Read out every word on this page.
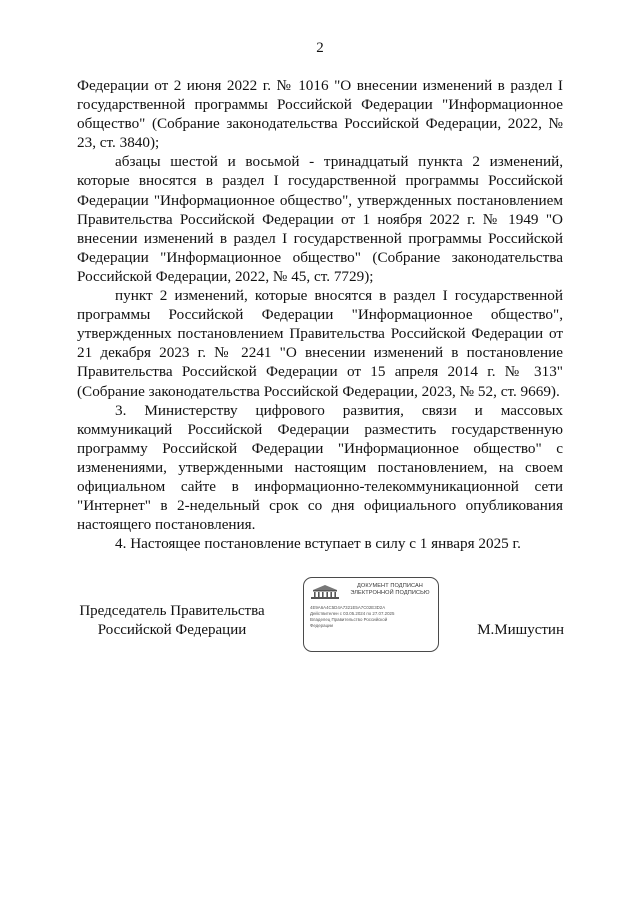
2

Федерации от 2 июня 2022 г. № 1016 "О внесении изменений в раздел I государственной программы Российской Федерации "Информационное общество" (Собрание законодательства Российской Федерации, 2022, № 23, ст. 3840);

абзацы шестой и восьмой - тринадцатый пункта 2 изменений, которые вносятся в раздел I государственной программы Российской Федерации "Информационное общество", утвержденных постановлением Правительства Российской Федерации от 1 ноября 2022 г. № 1949 "О внесении изменений в раздел I государственной программы Российской Федерации "Информационное общество" (Собрание законодательства Российской Федерации, 2022, № 45, ст. 7729);

пункт 2 изменений, которые вносятся в раздел I государственной программы Российской Федерации "Информационное общество", утвержденных постановлением Правительства Российской Федерации от 21 декабря 2023 г. № 2241 "О внесении изменений в постановление Правительства Российской Федерации от 15 апреля 2014 г. № 313" (Собрание законодательства Российской Федерации, 2023, № 52, ст. 9669).

3. Министерству цифрового развития, связи и массовых коммуникаций Российской Федерации разместить государственную программу Российской Федерации "Информационное общество" с изменениями, утвержденными настоящим постановлением, на своем официальном сайте в информационно-телекоммуникационной сети "Интернет" в 2-недельный срок со дня официального опубликования настоящего постановления.

4. Настоящее постановление вступает в силу с 1 января 2025 г.

Председатель Правительства
Российской Федерации
ДОКУМЕНТ ПОДПИСАН
ЭЛЕКТРОННОЙ ПОДПИСЬЮ
4E9A6A4C5D4A7321E5A7C02E3D2A
Действителен с 03.05.2024 по 27.07.2025
Владелец Правительство Российской
Федерации	М.Мишустин
